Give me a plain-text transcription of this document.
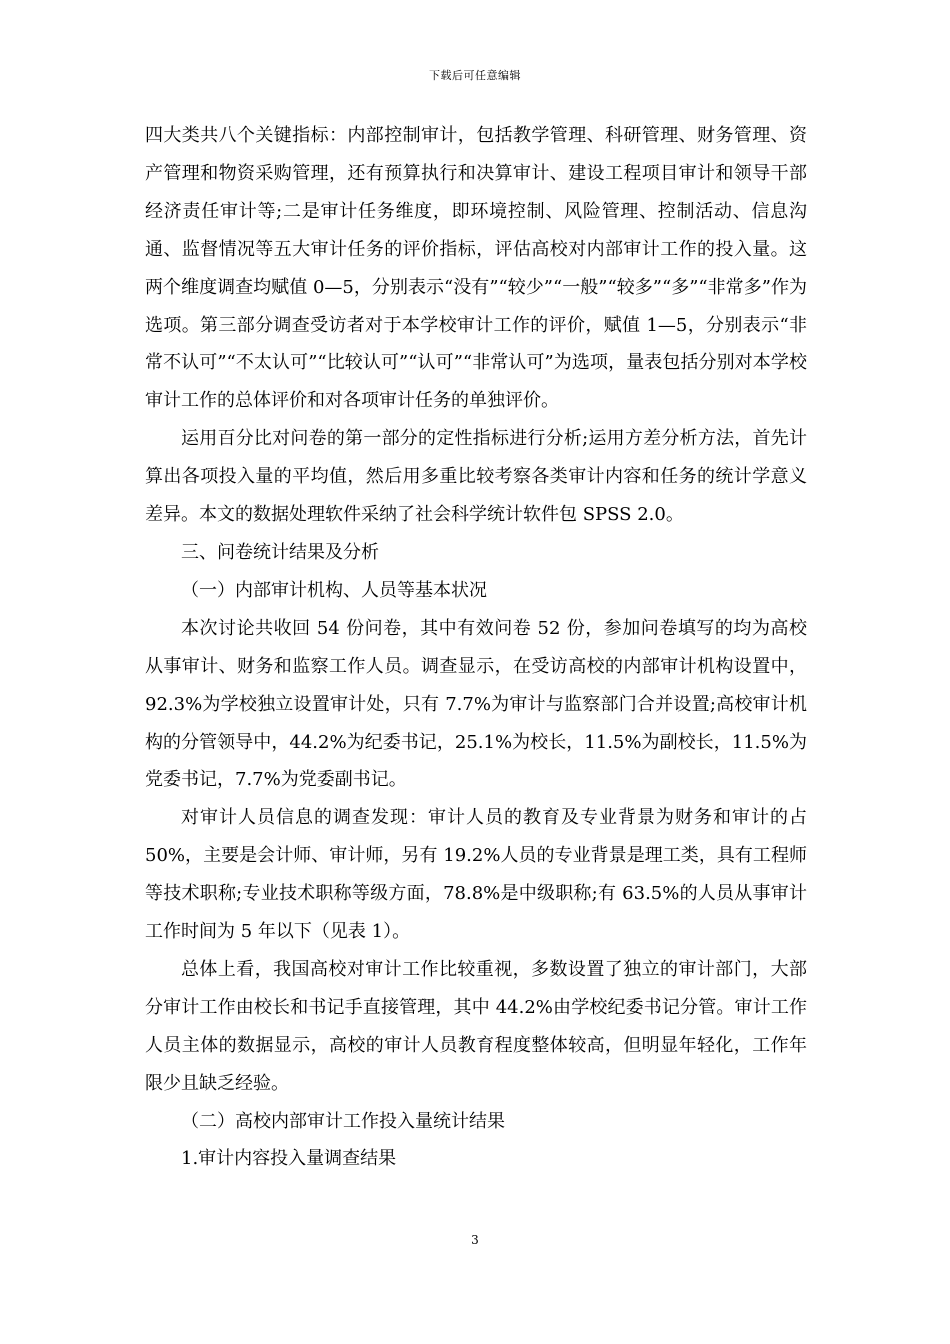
下载后可任意编辑

四大类共八个关键指标：内部控制审计，包括教学管理、科研管理、财务管理、资产管理和物资采购管理，还有预算执行和决算审计、建设工程项目审计和领导干部经济责任审计等;二是审计任务维度，即环境控制、风险管理、控制活动、信息沟通、监督情况等五大审计任务的评价指标，评估高校对内部审计工作的投入量。这两个维度调查均赋值 0—5，分别表示“没有”“较少”“一般”“较多”“多”“非常多”作为选项。第三部分调查受访者对于本学校审计工作的评价，赋值 1—5，分别表示“非常不认可”“不太认可”“比较认可”“认可”“非常认可”为选项，量表包括分别对本学校审计工作的总体评价和对各项审计任务的单独评价。

运用百分比对问卷的第一部分的定性指标进行分析;运用方差分析方法，首先计算出各项投入量的平均值，然后用多重比较考察各类审计内容和任务的统计学意义差异。本文的数据处理软件采纳了社会科学统计软件包 SPSS 2.0。

三、问卷统计结果及分析

（一）内部审计机构、人员等基本状况

本次讨论共收回 54 份问卷，其中有效问卷 52 份，参加问卷填写的均为高校从事审计、财务和监察工作人员。调查显示，在受访高校的内部审计机构设置中，92.3%为学校独立设置审计处，只有 7.7%为审计与监察部门合并设置;高校审计机构的分管领导中，44.2%为纪委书记，25.1%为校长，11.5%为副校长，11.5%为党委书记，7.7%为党委副书记。

对审计人员信息的调查发现：审计人员的教育及专业背景为财务和审计的占 50%，主要是会计师、审计师，另有 19.2%人员的专业背景是理工类，具有工程师等技术职称;专业技术职称等级方面，78.8%是中级职称;有 63.5%的人员从事审计工作时间为 5 年以下（见表 1）。

总体上看，我国高校对审计工作比较重视，多数设置了独立的审计部门，大部分审计工作由校长和书记手直接管理，其中 44.2%由学校纪委书记分管。审计工作人员主体的数据显示，高校的审计人员教育程度整体较高，但明显年轻化，工作年限少且缺乏经验。

（二）高校内部审计工作投入量统计结果

1.审计内容投入量调查结果

3
